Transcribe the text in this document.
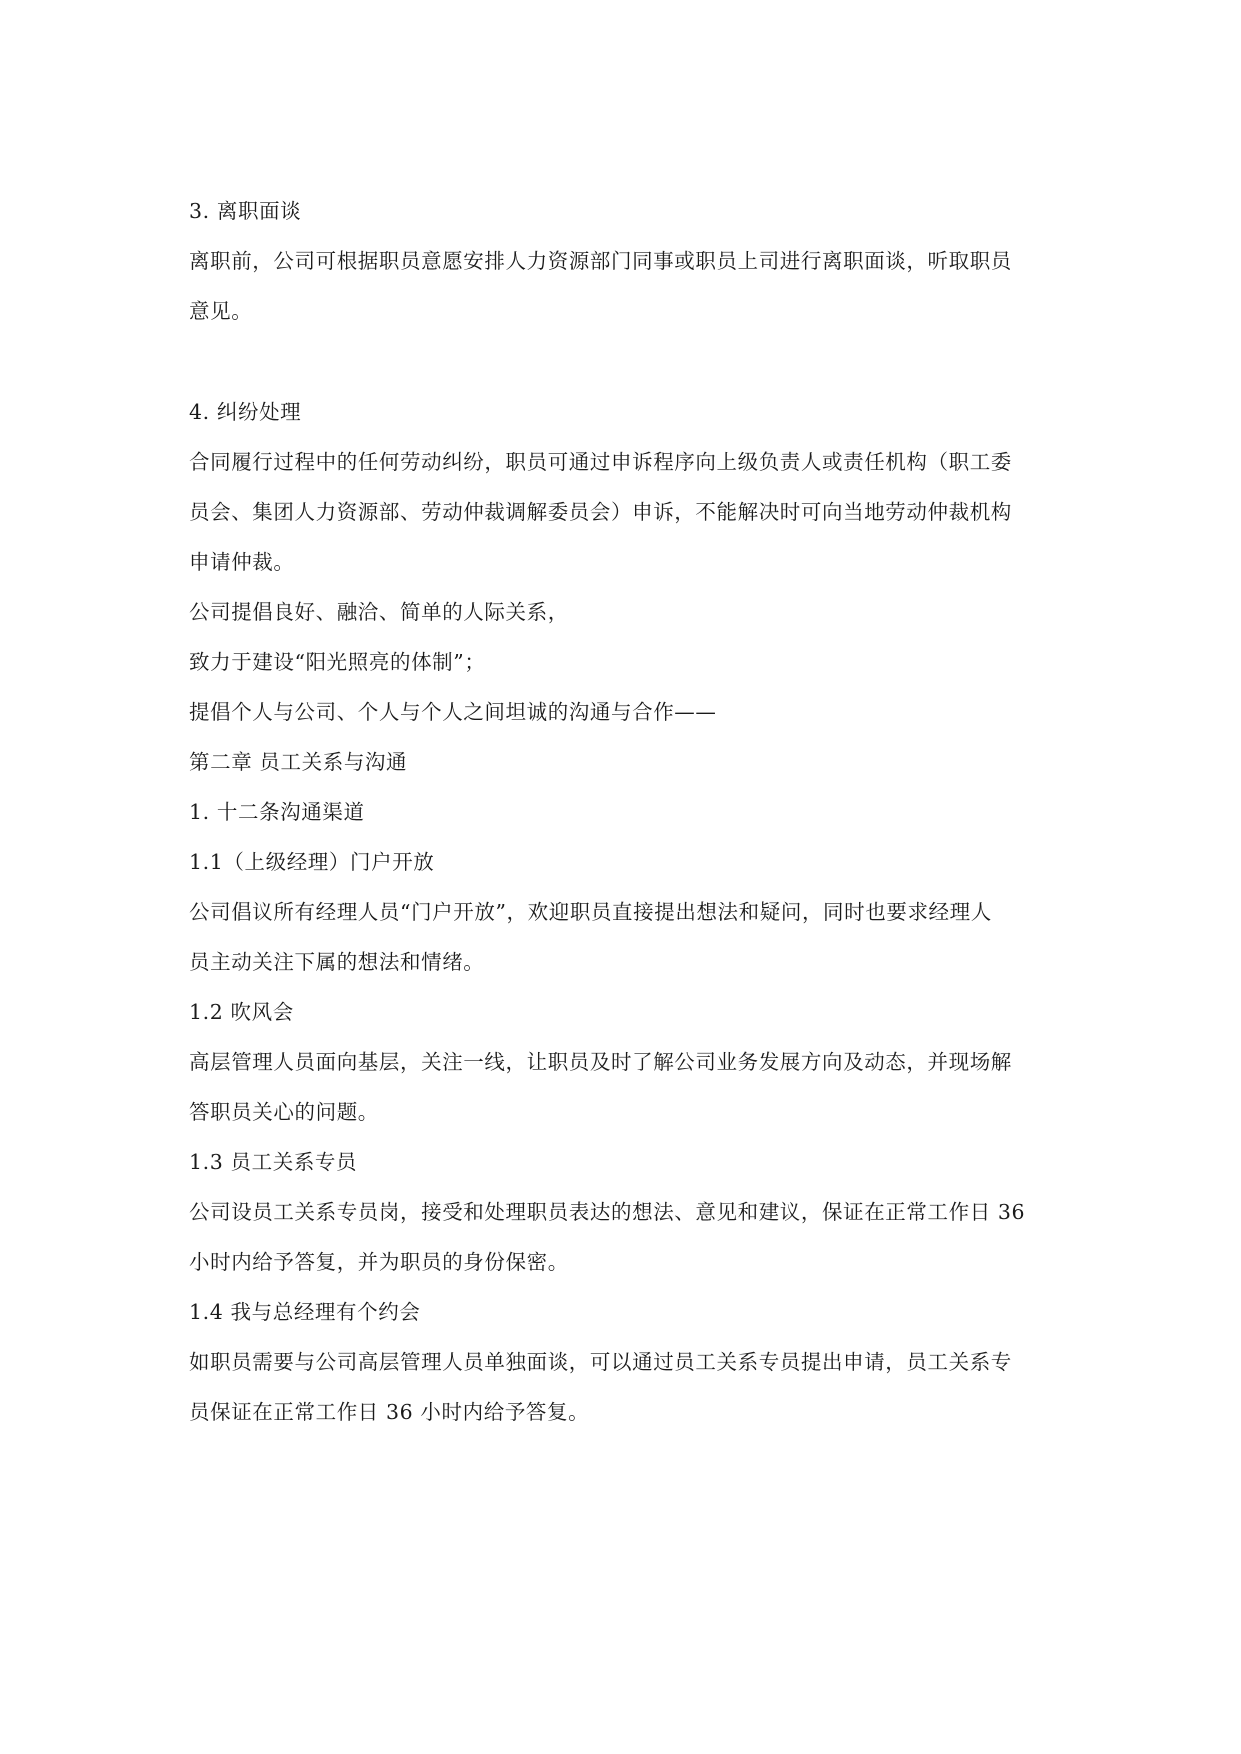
3. 离职面谈
离职前，公司可根据职员意愿安排人力资源部门同事或职员上司进行离职面谈，听取职员
意见。
4. 纠纷处理
合同履行过程中的任何劳动纠纷，职员可通过申诉程序向上级负责人或责任机构（职工委
员会、集团人力资源部、劳动仲裁调解委员会）申诉，不能解决时可向当地劳动仲裁机构
申请仲裁。
公司提倡良好、融洽、简单的人际关系，
致力于建设“阳光照亮的体制”；
提倡个人与公司、个人与个人之间坦诚的沟通与合作——
第二章 员工关系与沟通
1. 十二条沟通渠道
1.1（上级经理）门户开放
公司倡议所有经理人员“门户开放”，欢迎职员直接提出想法和疑问，同时也要求经理人
员主动关注下属的想法和情绪。
1.2 吹风会
高层管理人员面向基层，关注一线，让职员及时了解公司业务发展方向及动态，并现场解
答职员关心的问题。
1.3 员工关系专员
公司设员工关系专员岗，接受和处理职员表达的想法、意见和建议，保证在正常工作日 36
小时内给予答复，并为职员的身份保密。
1.4 我与总经理有个约会
如职员需要与公司高层管理人员单独面谈，可以通过员工关系专员提出申请，员工关系专
员保证在正常工作日 36 小时内给予答复。
